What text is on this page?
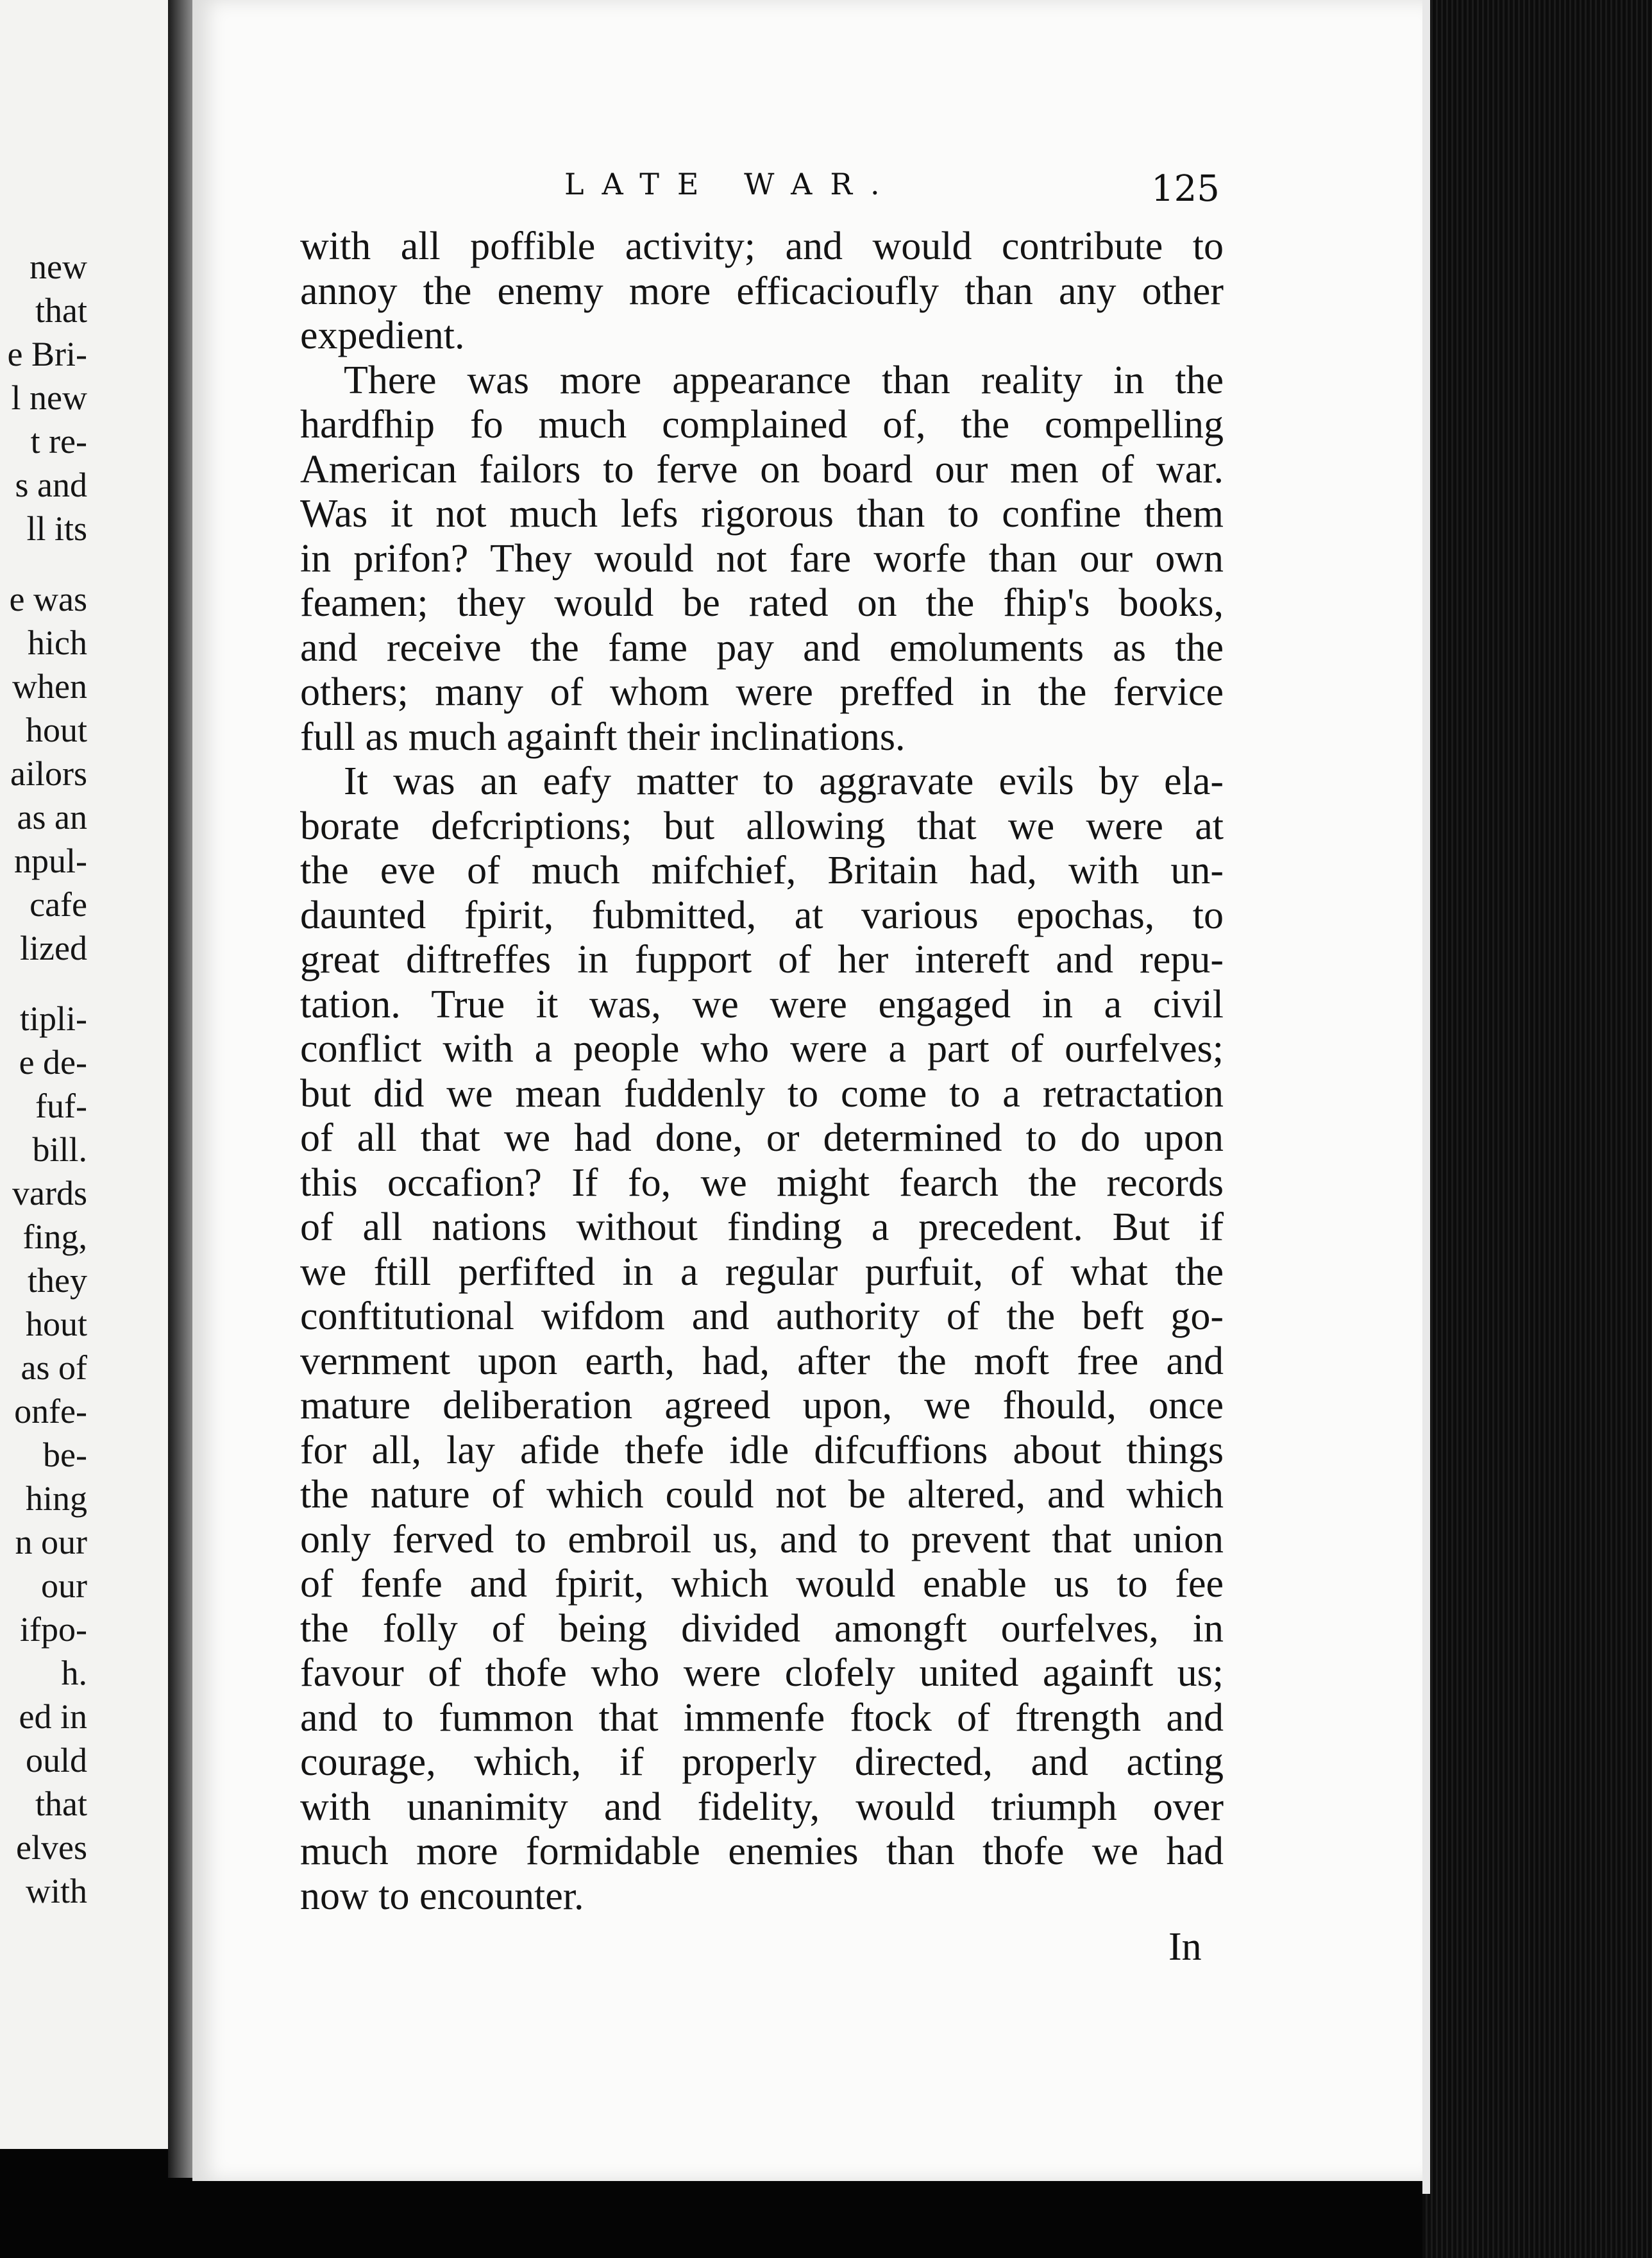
new

that

e Bri-

l new

t re-

s and

ll its

e was

hich

when

hout

ailors

as an

npul-

cafe

lized

tipli-

e de-

fuf-

bill.

vards

fing,

they

hout

as of

onfe-

be-

hing

n our

our

ifpo-

h.

ed in

ould

that

elves

with

LATE WAR.	125

with all poffible activity; and would contribute to
annoy the enemy more efficacioufly than any other
expedient.

There was more appearance than reality in the
hardfhip fo much complained of, the compelling
American failors to ferve on board our men of war.
Was it not much lefs rigorous than to confine them
in prifon? They would not fare worfe than our own
feamen; they would be rated on the fhip's books,
and receive the fame pay and emoluments as the
others; many of whom were preffed in the fervice
full as much againft their inclinations.

It was an eafy matter to aggravate evils by ela-
borate defcriptions; but allowing that we were at
the eve of much mifchief, Britain had, with un-
daunted fpirit, fubmitted, at various epochas, to
great diftreffes in fupport of her intereft and repu-
tation. True it was, we were engaged in a civil
conflict with a people who were a part of ourfelves;
but did we mean fuddenly to come to a retractation
of all that we had done, or determined to do upon
this occafion? If fo, we might fearch the records
of all nations without finding a precedent. But if
we ftill perfifted in a regular purfuit, of what the
conftitutional wifdom and authority of the beft go-
vernment upon earth, had, after the moft free and
mature deliberation agreed upon, we fhould, once
for all, lay afide thefe idle difcuffions about things
the nature of which could not be altered, and which
only ferved to embroil us, and to prevent that union
of fenfe and fpirit, which would enable us to fee
the folly of being divided amongft ourfelves, in
favour of thofe who were clofely united againft us;
and to fummon that immenfe ftock of ftrength and
courage, which, if properly directed, and acting
with unanimity and fidelity, would triumph over
much more formidable enemies than thofe we had
now to encounter.

In
